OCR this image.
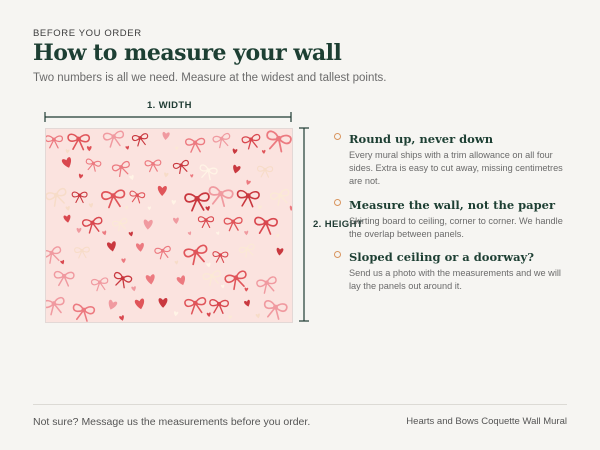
BEFORE YOU ORDER
How to measure your wall
Two numbers is all we need. Measure at the widest and tallest points.
1. WIDTH
2. HEIGHT
Round up, never down
Every mural ships with a trim allowance on all four sides. Extra is easy to cut away, missing centimetres are not.
Measure the wall, not the paper
Skirting board to ceiling, corner to corner. We handle the overlap between panels.
Sloped ceiling or a doorway?
Send us a photo with the measurements and we will lay the panels out around it.
Not sure? Message us the measurements before you order.	Hearts and Bows Coquette Wall Mural
